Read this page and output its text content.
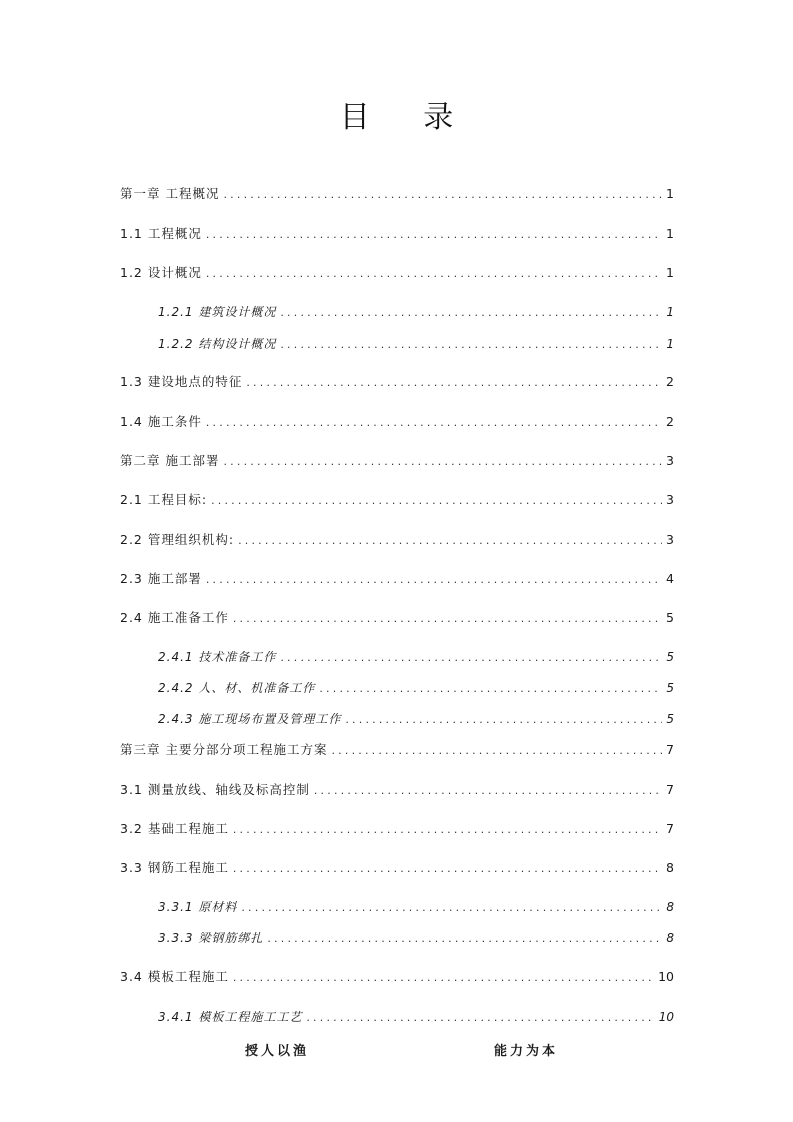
目 录
第一章 工程概况 .....	1
1.1 工程概况 .....	1
1.2 设计概况 .....	1
1.2.1 建筑设计概况 .....	1
1.2.2 结构设计概况 .....	1
1.3 建设地点的特征 .....	2
1.4 施工条件 .....	2
第二章 施工部署 .....	3
2.1 工程目标: .....	3
2.2 管理组织机构: .....	3
2.3 施工部署 .....	4
2.4 施工准备工作 .....	5
2.4.1 技术准备工作 .....	5
2.4.2 人、材、机准备工作 .....	5
2.4.3 施工现场布置及管理工作 .....	5
第三章 主要分部分项工程施工方案 .....	7
3.1 测量放线、轴线及标高控制 .....	7
3.2 基础工程施工 .....	7
3.3 钢筋工程施工 .....	8
3.3.1 原材料 .....	8
3.3.3 梁钢筋绑扎 .....	8
3.4 模板工程施工 .....	10
3.4.1 模板工程施工工艺 .....	10
授人以渔	能力为本
